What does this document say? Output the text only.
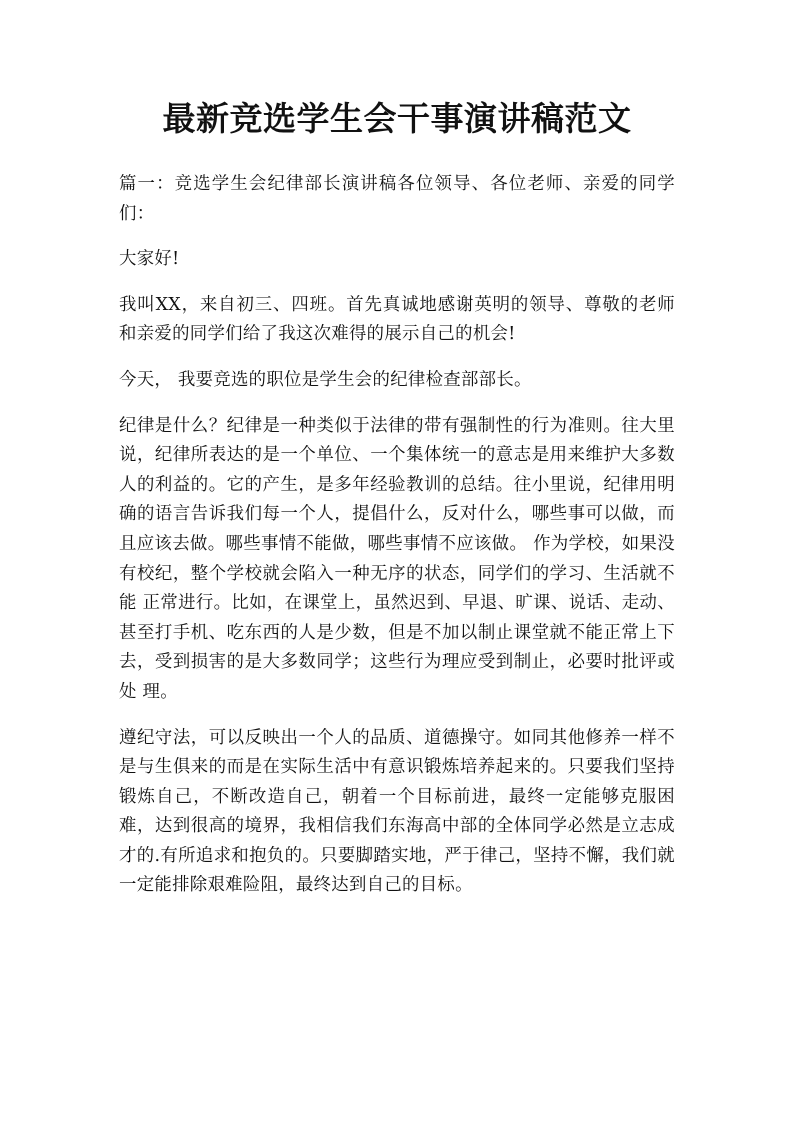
最新竞选学生会干事演讲稿范文

篇一：竞选学生会纪律部长演讲稿各位领导、各位老师、亲爱的同学们：

大家好!

我叫XX，来自初三、四班。首先真诚地感谢英明的领导、尊敬的老师和亲爱的同学们给了我这次难得的展示自己的机会!

今天， 我要竞选的职位是学生会的纪律检查部部长。

纪律是什么？纪律是一种类似于法律的带有强制性的行为准则。往大里说，纪律所表达的是一个单位、一个集体统一的意志是用来维护大多数人的利益的。它的产生，是多年经验教训的总结。往小里说，纪律用明确的语言告诉我们每一个人，提倡什么，反对什么，哪些事可以做，而且应该去做。哪些事情不能做，哪些事情不应该做。 作为学校，如果没有校纪，整个学校就会陷入一种无序的状态，同学们的学习、生活就不能 正常进行。比如，在课堂上，虽然迟到、早退、旷课、说话、走动、甚至打手机、吃东西的人是少数，但是不加以制止课堂就不能正常上下去，受到损害的是大多数同学；这些行为理应受到制止，必要时批评或处 理。

遵纪守法，可以反映出一个人的品质、道德操守。如同其他修养一样不是与生俱来的而是在实际生活中有意识锻炼培养起来的。只要我们坚持锻炼自己，不断改造自己，朝着一个目标前进，最终一定能够克服困难，达到很高的境界，我相信我们东海高中部的全体同学必然是立志成才的.有所追求和抱负的。只要脚踏实地，严于律己，坚持不懈，我们就一定能排除艰难险阻，最终达到自己的目标。
